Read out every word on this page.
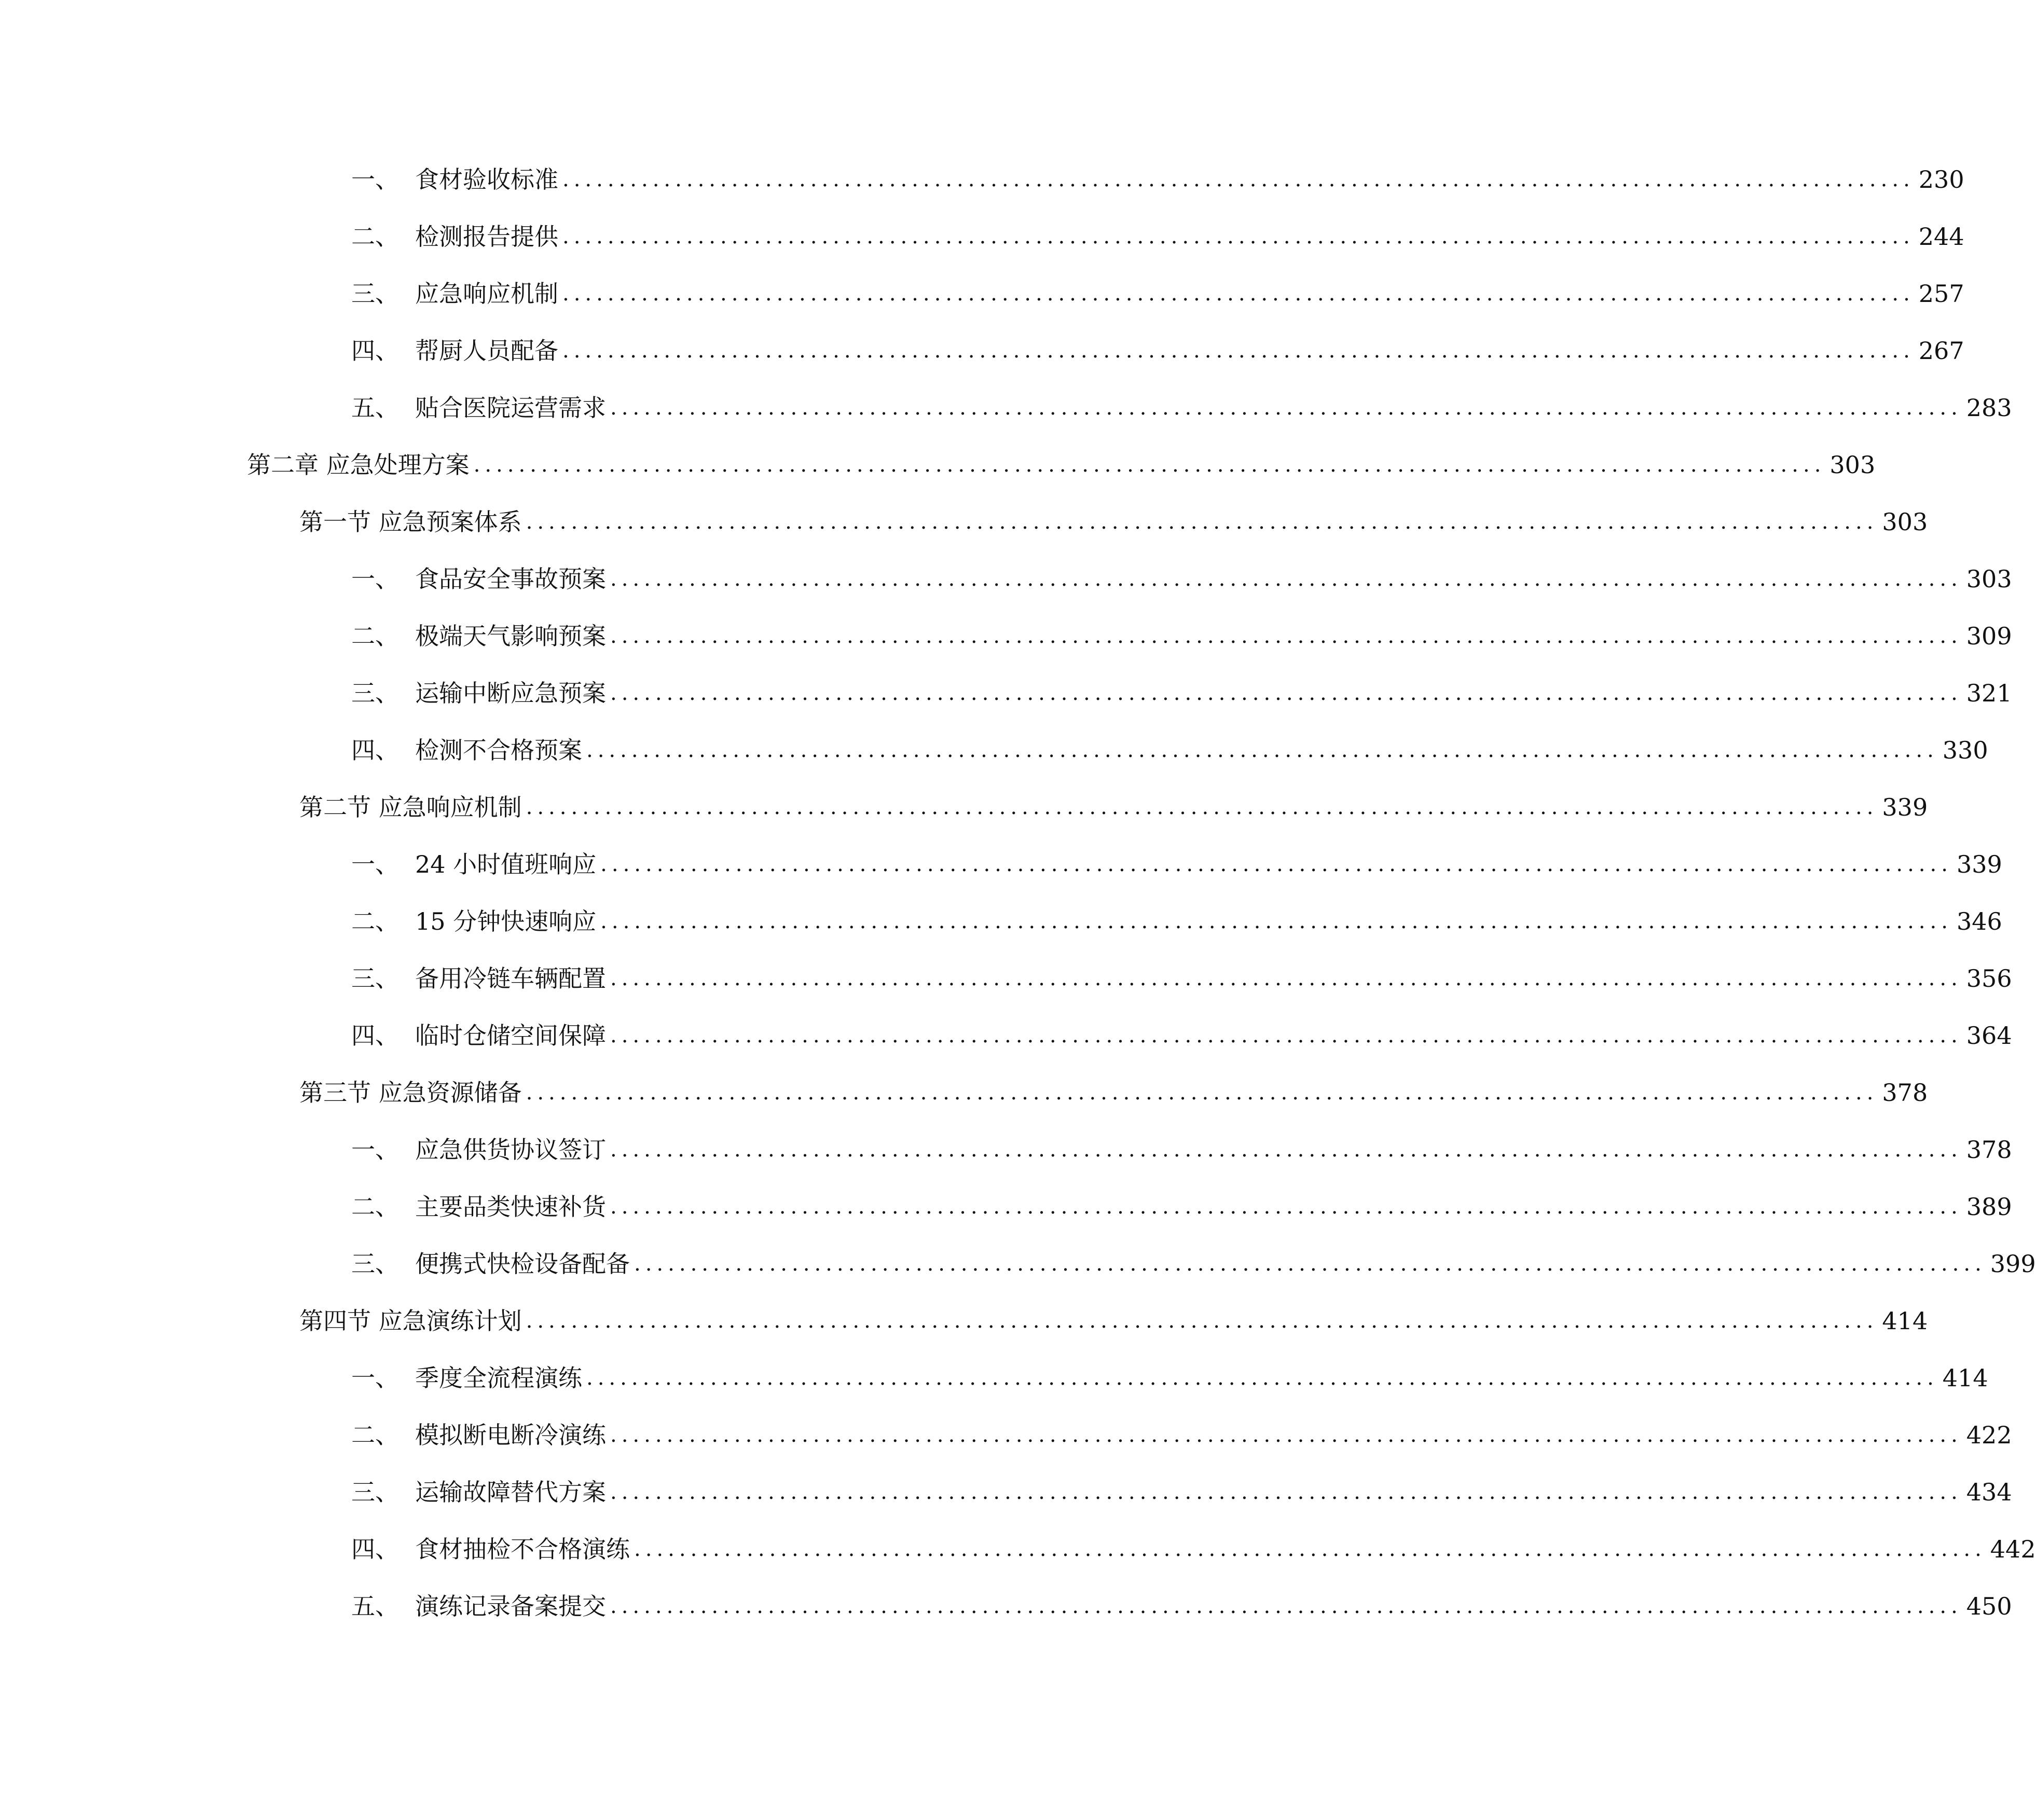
一、 食材验收标准 ........................................................................................................................ 230
二、 检测报告提供 ........................................................................................................................ 244
三、 应急响应机制 ........................................................................................................................ 257
四、 帮厨人员配备 ........................................................................................................................ 267
五、 贴合医院运营需求 ........................................................................................................................ 283
第二章 应急处理方案 ........................................................................................................................ 303
第一节 应急预案体系 ........................................................................................................................ 303
一、 食品安全事故预案 ........................................................................................................................ 303
二、 极端天气影响预案 ........................................................................................................................ 309
三、 运输中断应急预案 ........................................................................................................................ 321
四、 检测不合格预案 ........................................................................................................................ 330
第二节 应急响应机制 ........................................................................................................................ 339
一、 24 小时值班响应 ........................................................................................................................ 339
二、 15 分钟快速响应 ........................................................................................................................ 346
三、 备用冷链车辆配置 ........................................................................................................................ 356
四、 临时仓储空间保障 ........................................................................................................................ 364
第三节 应急资源储备 ........................................................................................................................ 378
一、 应急供货协议签订 ........................................................................................................................ 378
二、 主要品类快速补货 ........................................................................................................................ 389
三、 便携式快检设备配备 ........................................................................................................................ 399
第四节 应急演练计划 ........................................................................................................................ 414
一、 季度全流程演练 ........................................................................................................................ 414
二、 模拟断电断冷演练 ........................................................................................................................ 422
三、 运输故障替代方案 ........................................................................................................................ 434
四、 食材抽检不合格演练 ........................................................................................................................ 442
五、 演练记录备案提交 ........................................................................................................................ 450
